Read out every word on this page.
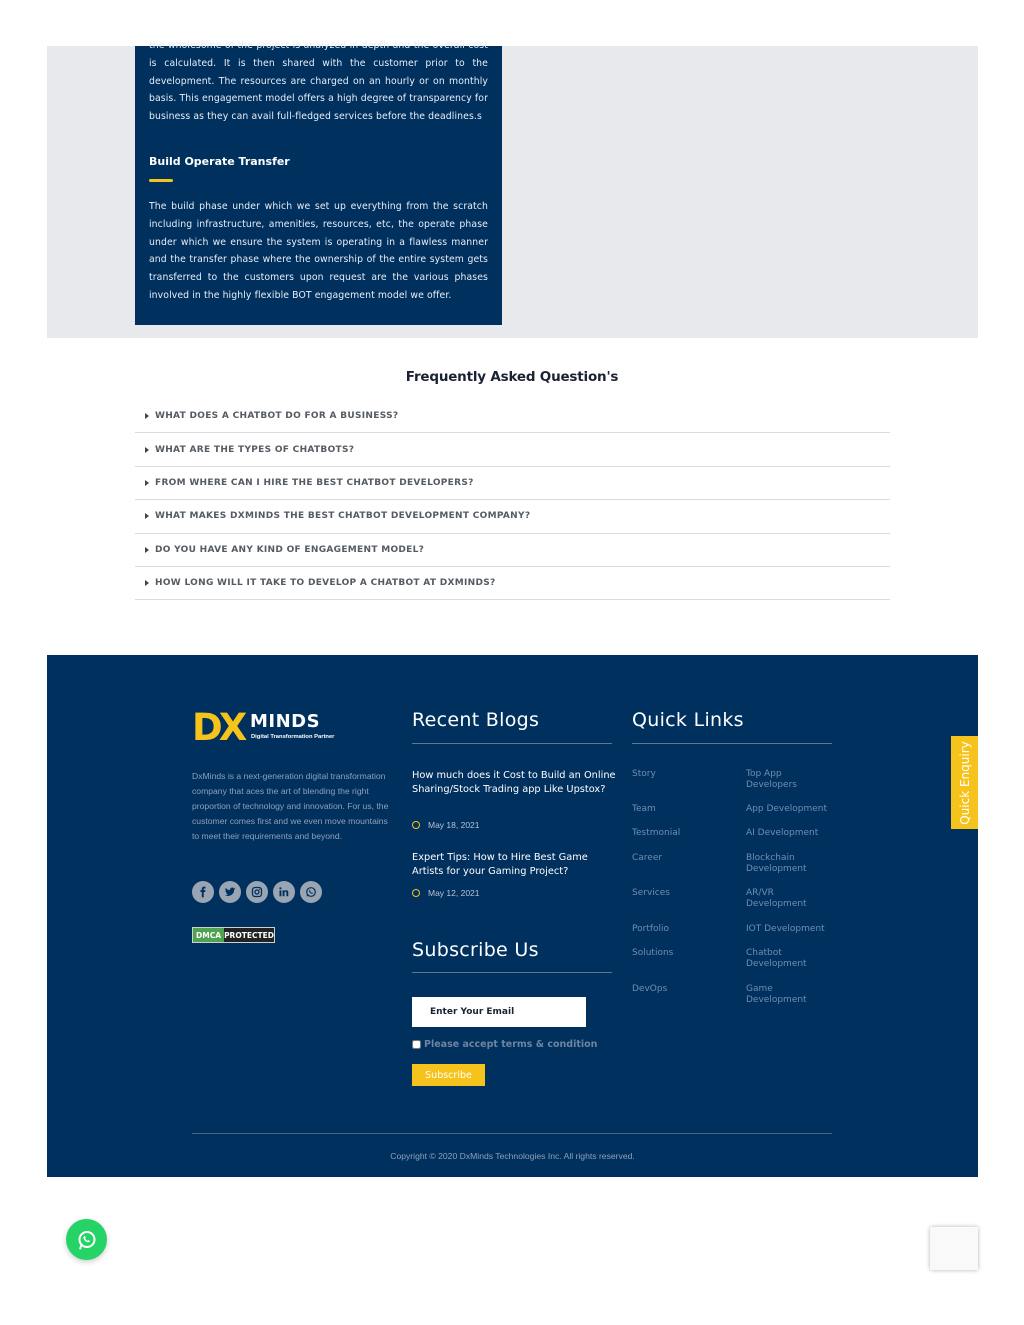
the wholesome of the project is analyzed in-depth and the overall cost is calculated. It is then shared with the customer prior to the development. The resources are charged on an hourly or on monthly basis. This engagement model offers a high degree of transparency for business as they can avail full-fledged services before the deadlines.s

Build Operate Transfer

The build phase under which we set up everything from the scratch including infrastructure, amenities, resources, etc, the operate phase under which we ensure the system is operating in a flawless manner and the transfer phase where the ownership of the entire system gets transferred to the customers upon request are the various phases involved in the highly flexible BOT engagement model we offer.

Frequently Asked Question's
WHAT DOES A CHATBOT DO FOR A BUSINESS?
WHAT ARE THE TYPES OF CHATBOTS?
FROM WHERE CAN I HIRE THE BEST CHATBOT DEVELOPERS?
WHAT MAKES DXMINDS THE BEST CHATBOT DEVELOPMENT COMPANY?
DO YOU HAVE ANY KIND OF ENGAGEMENT MODEL?
HOW LONG WILL IT TAKE TO DEVELOP A CHATBOT AT DXMINDS?
DX MINDS
Digital Transformation Partner

DxMinds is a next-generation digital transformation company that aces the art of blending the right proportion of technology and innovation. For us, the customer comes first and we even move mountains to meet their requirements and beyond.

DMCA PROTECTED
Recent Blogs
How much does it Cost to Build an Online Sharing/Stock Trading app Like Upstox?
May 18, 2021
Expert Tips: How to Hire Best Game Artists for your Gaming Project?
May 12, 2021
Subscribe Us
Enter Your Email
Please accept terms & condition
Subscribe
Quick Links
Story
Team
Testmonial
Career
Services
Portfolio
Solutions
DevOps
Top App Developers
App Development
AI Development
Blockchain Development
AR/VR Development
IOT Development
Chatbot Development
Game Development

Copyright © 2020 DxMinds Technologies Inc. All rights reserved.

Quick Enquiry
